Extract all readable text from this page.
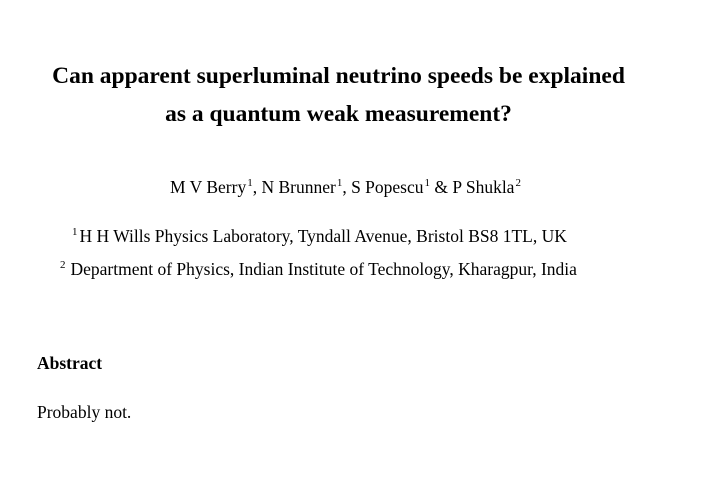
Can apparent superluminal neutrino speeds be explained
as a quantum weak measurement?
M V Berry$^1$, N Brunner$^1$, S Popescu$^1$ & P Shukla$^2$
$^1$ H H Wills Physics Laboratory, Tyndall Avenue, Bristol BS8 1TL, UK
$^2$ Department of Physics, Indian Institute of Technology, Kharagpur, India
Abstract
Probably not.
